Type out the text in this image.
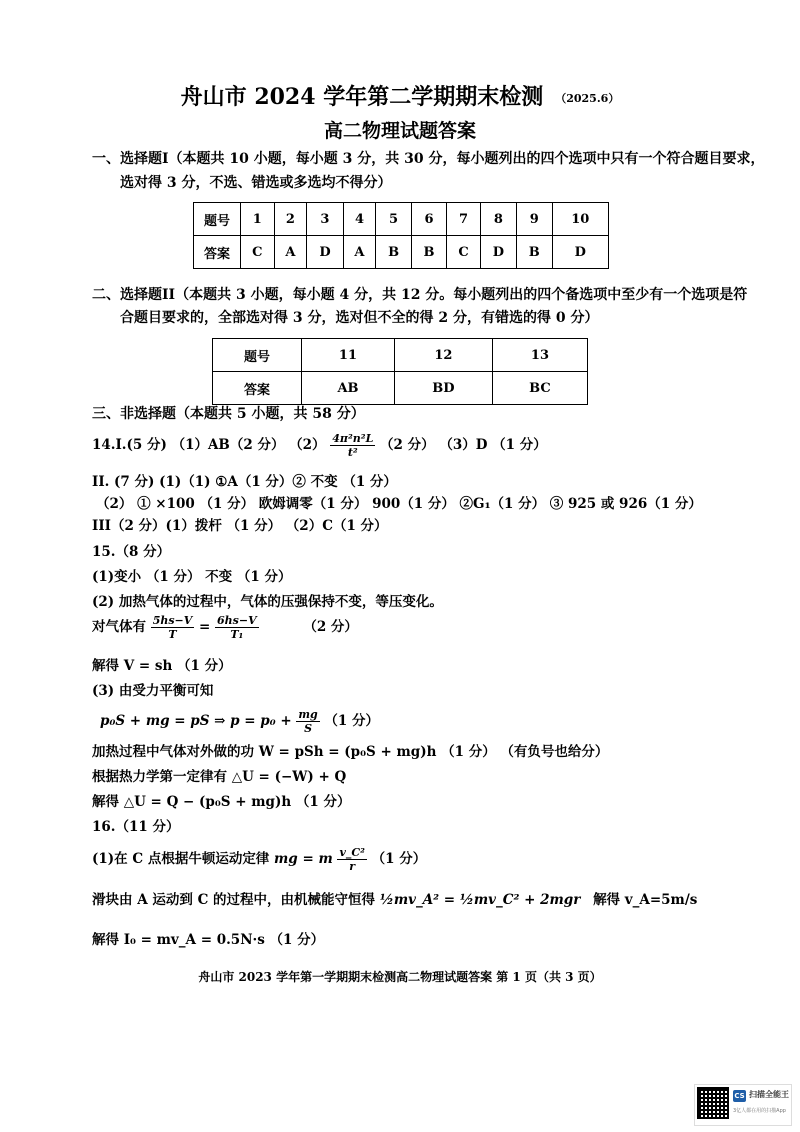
舟山市 2024 学年第二学期期末检测 （2025.6）
高二物理试题答案
一、选择题I（本题共 10 小题，每小题 3 分，共 30 分，每小题列出的四个选项中只有一个符合题目要求，
选对得 3 分，不选、错选或多选均不得分）
题号	1	2	3	4	5	6	7	8	9	10
答案	C	A	D	A	B	B	C	D	B	D
二、选择题II（本题共 3 小题，每小题 4 分，共 12 分。每小题列出的四个备选项中至少有一个选项是符
合题目要求的，全部选对得 3 分，选对但不全的得 2 分，有错选的得 0 分）
题号	11	12	13
答案	AB	BD	BC
三、非选择题（本题共 5 小题，共 58 分）
14.I.(5 分) （1）AB（2 分） $(2) \frac{\text{4π²n²L}}{\text{t²}} (2$ 分） （3）D （1 分）
II. (7 分) (1)（1) ①A（1 分）② 不变 （1 分）
（2） ① ×100 （1 分） 欧姆调零（1 分） 900（1 分） ②G₁（1 分） ③ 925 或 926（1 分）
III（2 分）(1）拨杆 （1 分） （2）C（1 分）
15.（8 分）
(1)变小 （1 分） 不变 （1 分）
(2) 加热气体的过程中，气体的压强保持不变，等压变化。
对气体有 $\frac{5hs-V}{T} = \frac{6hs-V}{\text{T₁}}$	（2 分）
解得 V = sh （1 分）
(3) 由受力平衡可知
p₀S + mg = pS ⇒ $p = p_0 + \frac{mg}{S} (1$ 分）
加热过程中气体对外做的功 W = pSh = (p₀S + mg)h （1 分） （有负号也给分）
根据热力学第一定律有 △U = (−W) + Q
解得 △U = Q − (p₀S + mg)h （1 分）
16.（11 分）
(1)在 C 点根据牛顿运动定律 mg = m $\frac{\text{v\_C²}}{r} (1$ 分）
滑块由 A 运动到 C 的过程中，由机械能守恒得 ½mv_A² = ½mv_C² + 2mgr 解得 v_A=5m/s
解得 I₀ = mv_A = 0.5N·s （1 分）
舟山市 2023 学年第一学期期末检测高二物理试题答案 第 1 页（共 3 页）
CS 扫描全能王
3亿人都在用的扫描App
